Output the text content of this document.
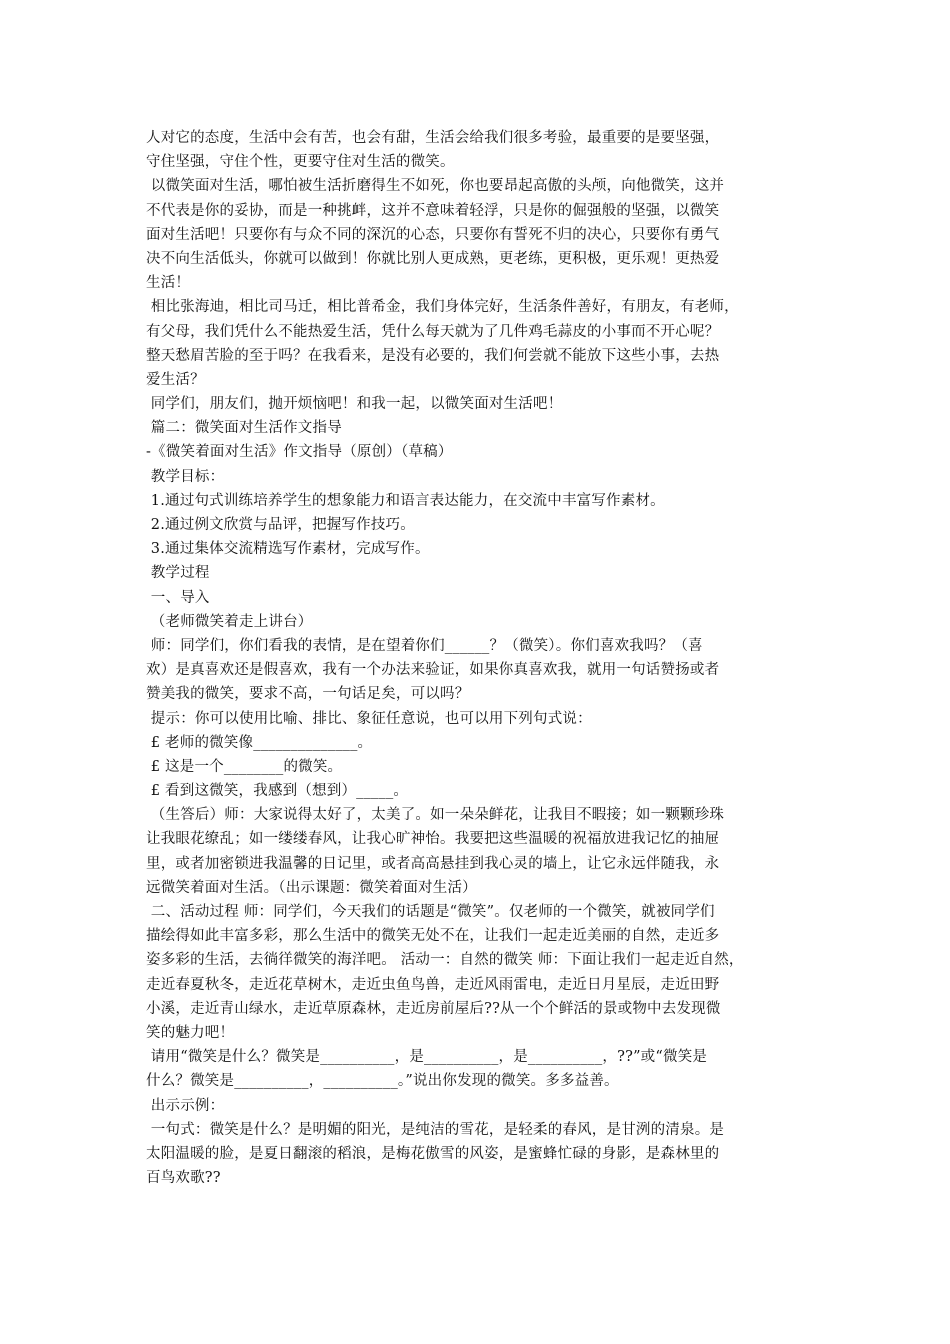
人对它的态度，生活中会有苦，也会有甜，生活会给我们很多考验，最重要的是要坚强，
守住坚强，守住个性，更要守住对生活的微笑。
以微笑面对生活，哪怕被生活折磨得生不如死，你也要昂起高傲的头颅，向他微笑，这并
不代表是你的妥协，而是一种挑衅，这并不意味着轻浮，只是你的倔强般的坚强，以微笑
面对生活吧！只要你有与众不同的深沉的心态，只要你有誓死不归的决心，只要你有勇气
决不向生活低头，你就可以做到！你就比别人更成熟，更老练，更积极，更乐观！更热爱
生活！
相比张海迪，相比司马迁，相比普希金，我们身体完好，生活条件善好，有朋友，有老师，
有父母，我们凭什么不能热爱生活，凭什么每天就为了几件鸡毛蒜皮的小事而不开心呢？
整天愁眉苦脸的至于吗？在我看来，是没有必要的，我们何尝就不能放下这些小事，去热
爱生活？
同学们，朋友们，抛开烦恼吧！和我一起，以微笑面对生活吧！
篇二：微笑面对生活作文指导
-《微笑着面对生活》作文指导（原创）（草稿）
教学目标：
1.通过句式训练培养学生的想象能力和语言表达能力，在交流中丰富写作素材。
2.通过例文欣赏与品评，把握写作技巧。
3.通过集体交流精选写作素材，完成写作。
教学过程
一、导入
（老师微笑着走上讲台）
师：同学们，你们看我的表情，是在望着你们______？（微笑）。你们喜欢我吗？（喜
欢）是真喜欢还是假喜欢，我有一个办法来验证，如果你真喜欢我，就用一句话赞扬或者
赞美我的微笑，要求不高，一句话足矣，可以吗？
提示：你可以使用比喻、排比、象征任意说，也可以用下列句式说：
£ 老师的微笑像______________。
£ 这是一个________的微笑。
£ 看到这微笑，我感到（想到）_____。
（生答后）师：大家说得太好了，太美了。如一朵朵鲜花，让我目不暇接；如一颗颗珍珠
让我眼花缭乱；如一缕缕春风，让我心旷神怡。我要把这些温暖的祝福放进我记忆的抽屉
里，或者加密锁进我温馨的日记里，或者高高悬挂到我心灵的墙上，让它永远伴随我，永
远微笑着面对生活。（出示课题：微笑着面对生活）
二、活动过程 师：同学们，今天我们的话题是“微笑”。仅老师的一个微笑，就被同学们
描绘得如此丰富多彩，那么生活中的微笑无处不在，让我们一起走近美丽的自然，走近多
姿多彩的生活，去徜徉微笑的海洋吧。 活动一：自然的微笑 师：下面让我们一起走近自然，
走近春夏秋冬，走近花草树木，走近虫鱼鸟兽，走近风雨雷电，走近日月星辰，走近田野
小溪，走近青山绿水，走近草原森林，走近房前屋后??从一个个鲜活的景或物中去发现微
笑的魅力吧！
请用“微笑是什么？微笑是__________，是__________，是__________，??”或“微笑是
什么？微笑是__________，__________。”说出你发现的微笑。多多益善。
出示示例：
一句式：微笑是什么？是明媚的阳光，是纯洁的雪花，是轻柔的春风，是甘洌的清泉。是
太阳温暖的脸，是夏日翻滚的稻浪，是梅花傲雪的风姿，是蜜蜂忙碌的身影，是森林里的
百鸟欢歌??
